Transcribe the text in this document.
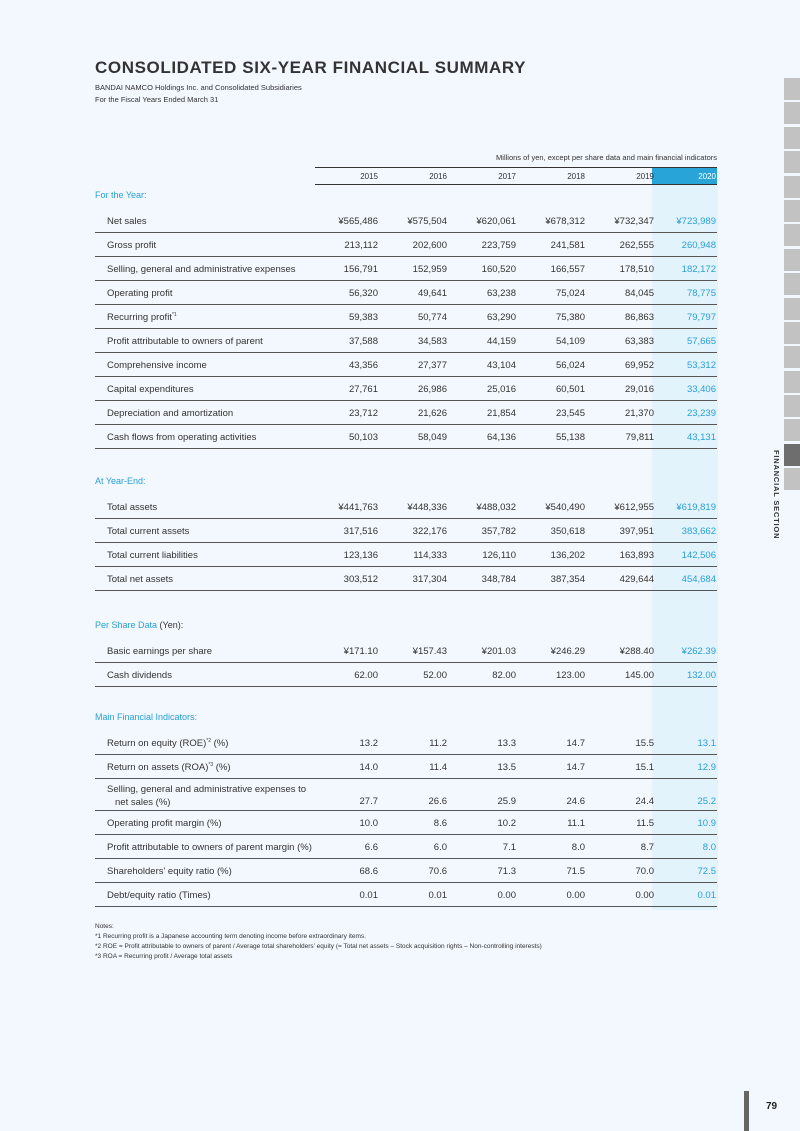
CONSOLIDATED SIX-YEAR FINANCIAL SUMMARY
BANDAI NAMCO Holdings Inc. and Consolidated Subsidiaries
For the Fiscal Years Ended March 31
FINANCIAL SECTION
Millions of yen, except per share data and main financial indicators
2015	2016	2017	2018	2019	2020
For the Year:
Net sales	¥565,486	¥575,504	¥620,061	¥678,312	¥732,347	¥723,989
Gross profit	213,112	202,600	223,759	241,581	262,555	260,948
Selling, general and administrative expenses	156,791	152,959	160,520	166,557	178,510	182,172
Operating profit	56,320	49,641	63,238	75,024	84,045	78,775
Recurring profit$^{*1}$	59,383	50,774	63,290	75,380	86,863	79,797
Profit attributable to owners of parent	37,588	34,583	44,159	54,109	63,383	57,665
Comprehensive income	43,356	27,377	43,104	56,024	69,952	53,312
Capital expenditures	27,761	26,986	25,016	60,501	29,016	33,406
Depreciation and amortization	23,712	21,626	21,854	23,545	21,370	23,239
Cash flows from operating activities	50,103	58,049	64,136	55,138	79,811	43,131
At Year-End:
Total assets	¥441,763	¥448,336	¥488,032	¥540,490	¥612,955	¥619,819
Total current assets	317,516	322,176	357,782	350,618	397,951	383,662
Total current liabilities	123,136	114,333	126,110	136,202	163,893	142,506
Total net assets	303,512	317,304	348,784	387,354	429,644	454,684
Per Share Data (Yen):
Basic earnings per share	¥171.10	¥157.43	¥201.03	¥246.29	¥288.40	¥262.39
Cash dividends	62.00	52.00	82.00	123.00	145.00	132.00
Main Financial Indicators:
Return on equity (ROE)$^{*2}$ (%)	13.2	11.2	13.3	14.7	15.5	13.1
Return on assets (ROA)$^{*3}$ (%)	14.0	11.4	13.5	14.7	15.1	12.9
Selling, general and administrative expenses to
net sales (%)	27.7	26.6	25.9	24.6	24.4	25.2
Operating profit margin (%)	10.0	8.6	10.2	11.1	11.5	10.9
Profit attributable to owners of parent margin (%)	6.6	6.0	7.1	8.0	8.7	8.0
Shareholders’ equity ratio (%)	68.6	70.6	71.3	71.5	70.0	72.5
Debt/equity ratio (Times)	0.01	0.01	0.00	0.00	0.00	0.01
Notes:
*1 Recurring profit is a Japanese accounting term denoting income before extraordinary items.
*2 ROE = Profit attributable to owners of parent / Average total shareholders’ equity (= Total net assets – Stock acquisition rights – Non-controlling interests)
*3 ROA = Recurring profit / Average total assets
79
